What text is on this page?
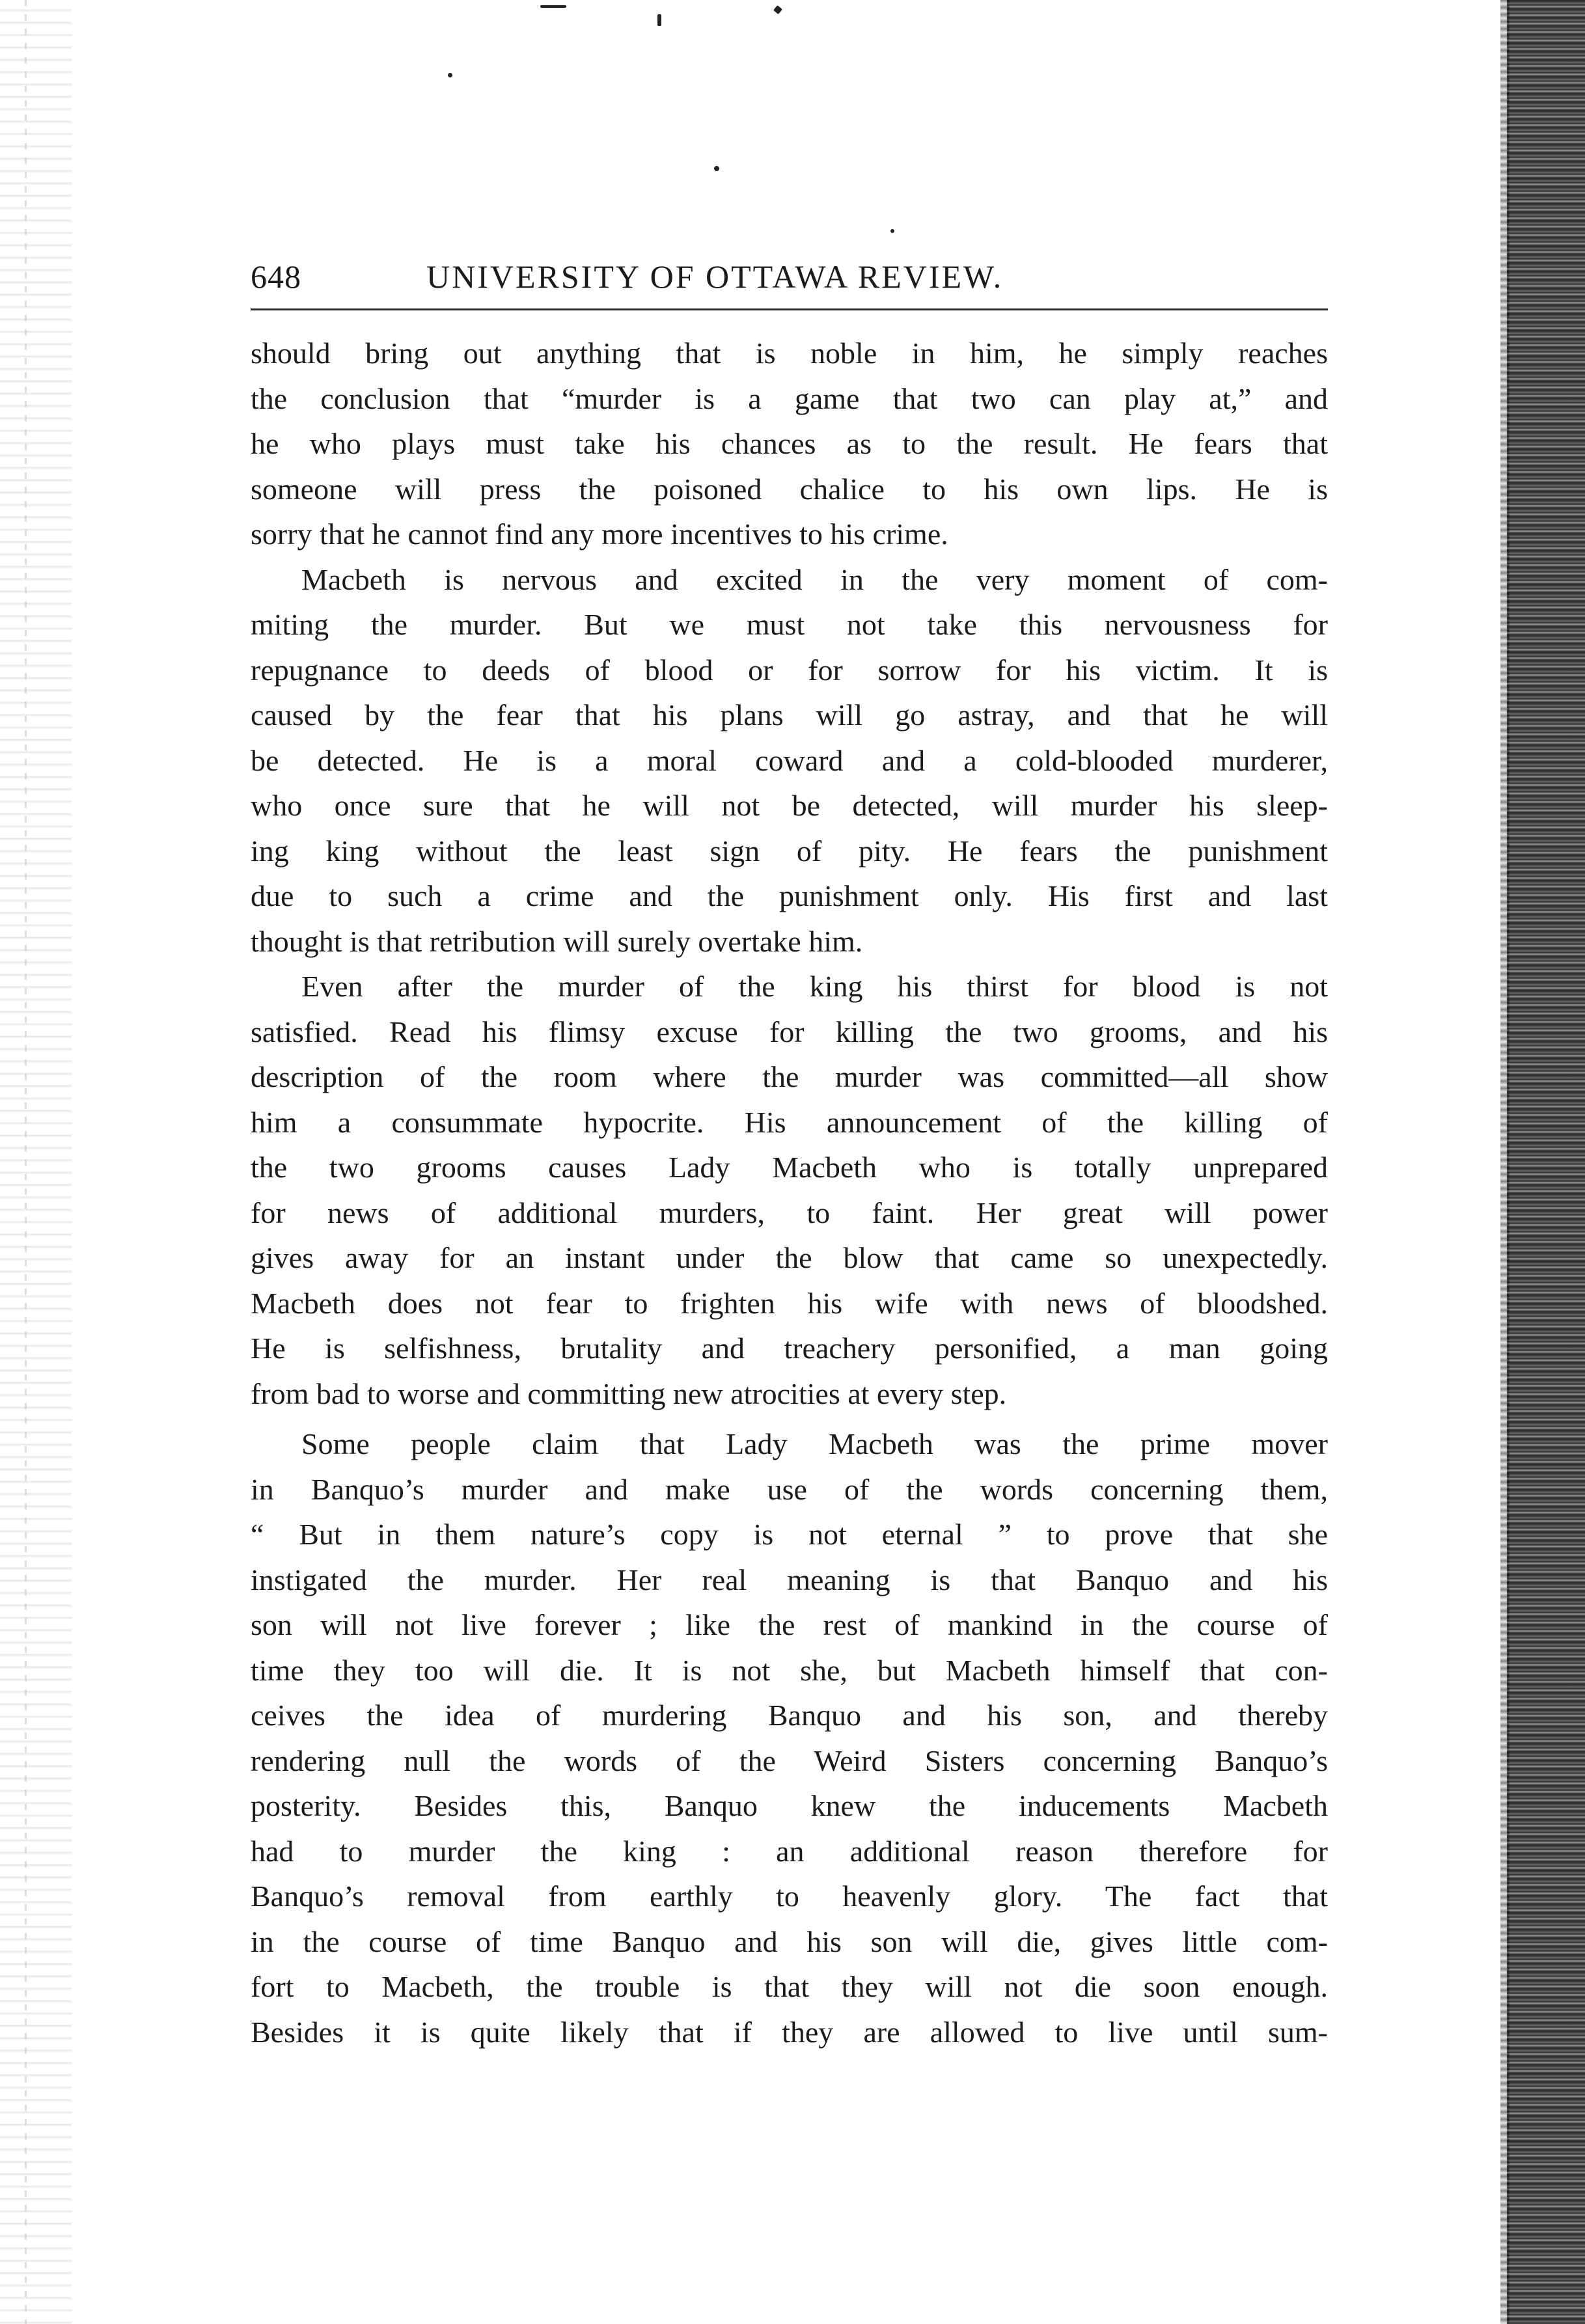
648	UNIVERSITY OF OTTAWA REVIEW.
should bring out anything that is noble in him, he simply reaches
the conclusion that “murder is a game that two can play at,” and
he who plays must take his chances as to the result. He fears that
someone will press the poisoned chalice to his own lips. He is
sorry that he cannot find any more incentives to his crime.
Macbeth is nervous and excited in the very moment of com-
miting the murder. But we must not take this nervousness for
repugnance to deeds of blood or for sorrow for his victim. It is
caused by the fear that his plans will go astray, and that he will
be detected. He is a moral coward and a cold-blooded murderer,
who once sure that he will not be detected, will murder his sleep-
ing king without the least sign of pity. He fears the punishment
due to such a crime and the punishment only. His first and last
thought is that retribution will surely overtake him.
Even after the murder of the king his thirst for blood is not
satisfied. Read his flimsy excuse for killing the two grooms, and his
description of the room where the murder was committed—all show
him a consummate hypocrite. His announcement of the killing of
the two grooms causes Lady Macbeth who is totally unprepared
for news of additional murders, to faint. Her great will power
gives away for an instant under the blow that came so unexpectedly.
Macbeth does not fear to frighten his wife with news of bloodshed.
He is selfishness, brutality and treachery personified, a man going
from bad to worse and committing new atrocities at every step.
Some people claim that Lady Macbeth was the prime mover
in Banquo’s murder and make use of the words concerning them,
“ But in them nature’s copy is not eternal ” to prove that she
instigated the murder. Her real meaning is that Banquo and his
son will not live forever ; like the rest of mankind in the course of
time they too will die. It is not she, but Macbeth himself that con-
ceives the idea of murdering Banquo and his son, and thereby
rendering null the words of the Weird Sisters concerning Banquo’s
posterity. Besides this, Banquo knew the inducements Macbeth
had to murder the king : an additional reason therefore for
Banquo’s removal from earthly to heavenly glory. The fact that
in the course of time Banquo and his son will die, gives little com-
fort to Macbeth, the trouble is that they will not die soon enough.
Besides it is quite likely that if they are allowed to live until sum-
